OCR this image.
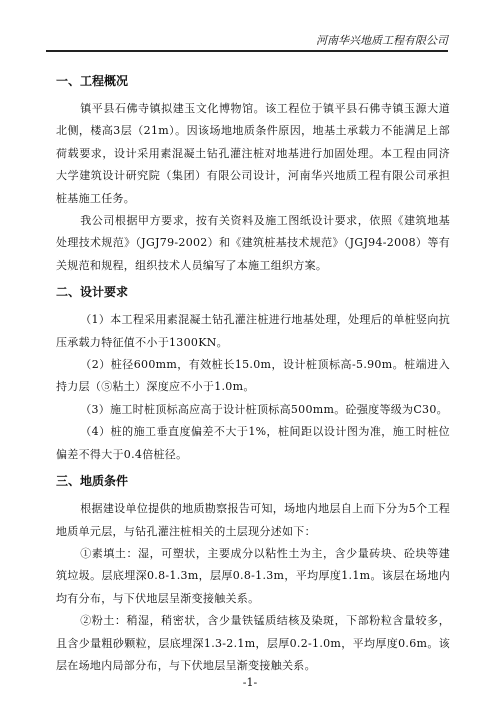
河南华兴地质工程有限公司
一、工程概况

镇平县石佛寺镇拟建玉文化博物馆。该工程位于镇平县石佛寺镇玉源大道北侧，楼高3层（21m）。因该场地地质条件原因，地基土承载力不能满足上部荷载要求，设计采用素混凝土钻孔灌注桩对地基进行加固处理。本工程由同济大学建筑设计研究院（集团）有限公司设计，河南华兴地质工程有限公司承担桩基施工任务。

我公司根据甲方要求，按有关资料及施工图纸设计要求，依照《建筑地基处理技术规范》（JGJ79-2002）和《建筑桩基技术规范》（JGJ94-2008）等有关规范和规程，组织技术人员编写了本施工组织方案。

二、设计要求

（1）本工程采用素混凝土钻孔灌注桩进行地基处理，处理后的单桩竖向抗压承载力特征值不小于1300KN。

（2）桩径600mm，有效桩长15.0m，设计桩顶标高-5.90m。桩端进入持力层（⑤粘土）深度应不小于1.0m。

（3）施工时桩顶标高应高于设计桩顶标高500mm。砼强度等级为C30。

（4）桩的施工垂直度偏差不大于1%，桩间距以设计图为准，施工时桩位偏差不得大于0.4倍桩径。

三、地质条件

根据建设单位提供的地质勘察报告可知，场地内地层自上而下分为5个工程地质单元层，与钻孔灌注桩相关的土层现分述如下：

①素填土：湿，可塑状，主要成分以粘性土为主，含少量砖块、砼块等建筑垃圾。层底埋深0.8-1.3m，层厚0.8-1.3m，平均厚度1.1m。该层在场地内均有分布，与下伏地层呈渐变接触关系。

②粉土：稍湿，稍密状，含少量铁锰质结核及染斑，下部粉粒含量较多，且含少量粗砂颗粒，层底埋深1.3-2.1m，层厚0.2-1.0m，平均厚度0.6m。该层在场地内局部分布，与下伏地层呈渐变接触关系。

-1-
